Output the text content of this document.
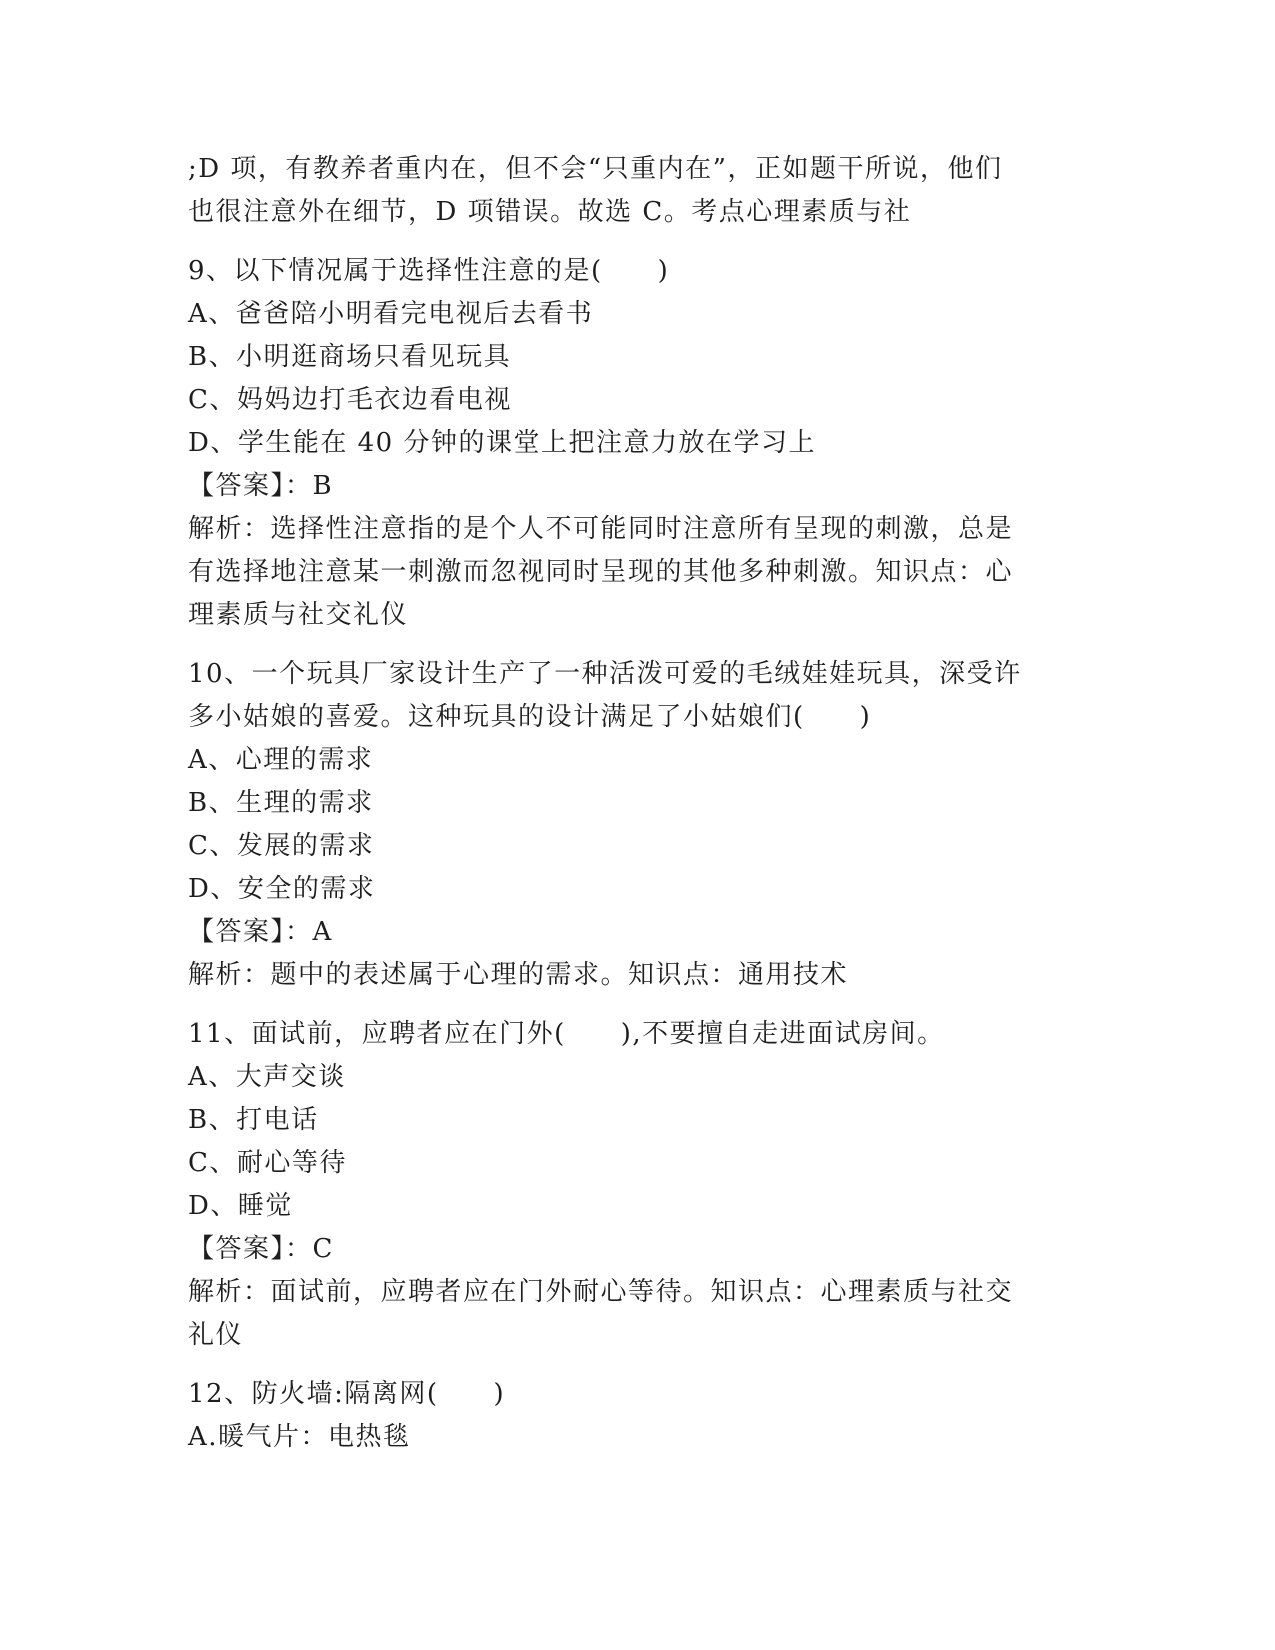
;D 项，有教养者重内在，但不会“只重内在”，正如题干所说，他们
也很注意外在细节，D 项错误。故选 C。考点心理素质与社
9、以下情况属于选择性注意的是(　　)
A、爸爸陪小明看完电视后去看书
B、小明逛商场只看见玩具
C、妈妈边打毛衣边看电视
D、学生能在 40 分钟的课堂上把注意力放在学习上
【答案】：B
解析：选择性注意指的是个人不可能同时注意所有呈现的刺激，总是
有选择地注意某一刺激而忽视同时呈现的其他多种刺激。知识点：心
理素质与社交礼仪
10、一个玩具厂家设计生产了一种活泼可爱的毛绒娃娃玩具，深受许
多小姑娘的喜爱。这种玩具的设计满足了小姑娘们(　　)
A、心理的需求
B、生理的需求
C、发展的需求
D、安全的需求
【答案】：A
解析：题中的表述属于心理的需求。知识点：通用技术
11、面试前，应聘者应在门外(　　),不要擅自走进面试房间。
A、大声交谈
B、打电话
C、耐心等待
D、睡觉
【答案】：C
解析：面试前，应聘者应在门外耐心等待。知识点：心理素质与社交
礼仪
12、防火墙:隔离网(　　)
A.暖气片：电热毯
